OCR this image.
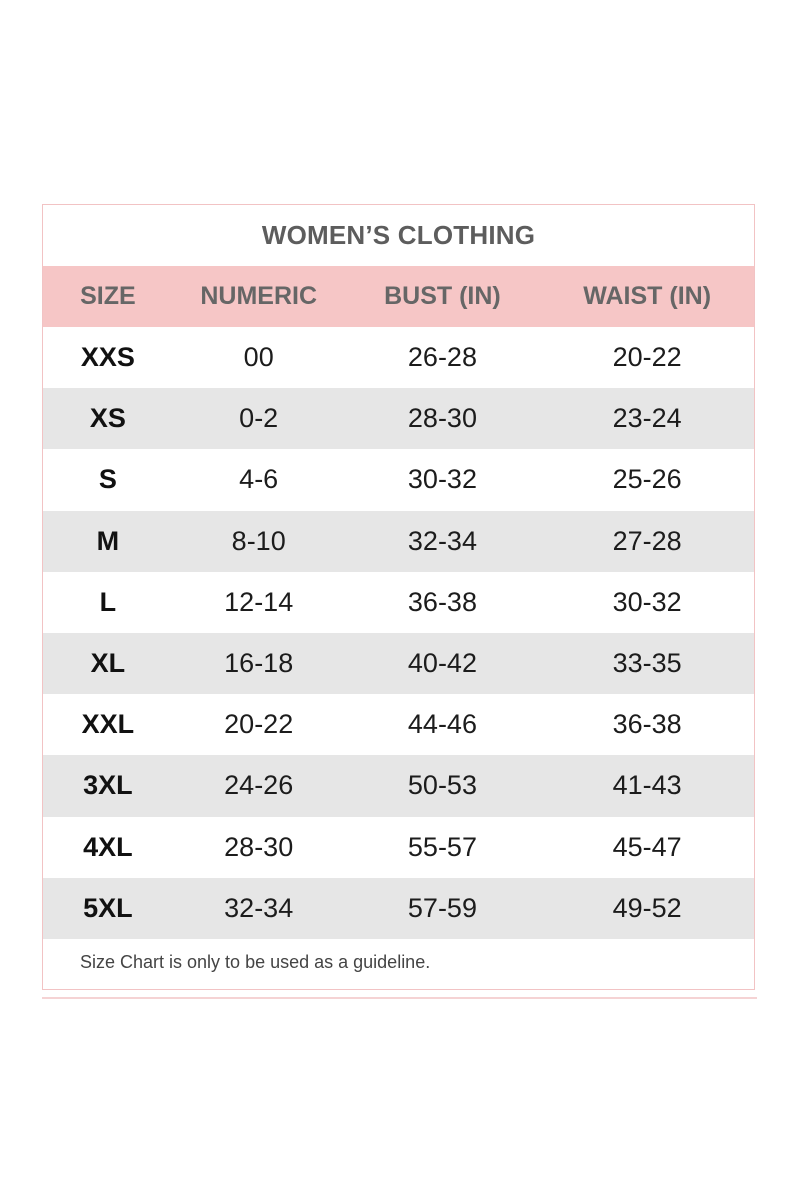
WOMEN’S CLOTHING
SIZE	NUMERIC	BUST (IN)	WAIST (IN)
XXS	00	26-28	20-22
XS	0-2	28-30	23-24
S	4-6	30-32	25-26
M	8-10	32-34	27-28
L	12-14	36-38	30-32
XL	16-18	40-42	33-35
XXL	20-22	44-46	36-38
3XL	24-26	50-53	41-43
4XL	28-30	55-57	45-47
5XL	32-34	57-59	49-52
Size Chart is only to be used as a guideline.
